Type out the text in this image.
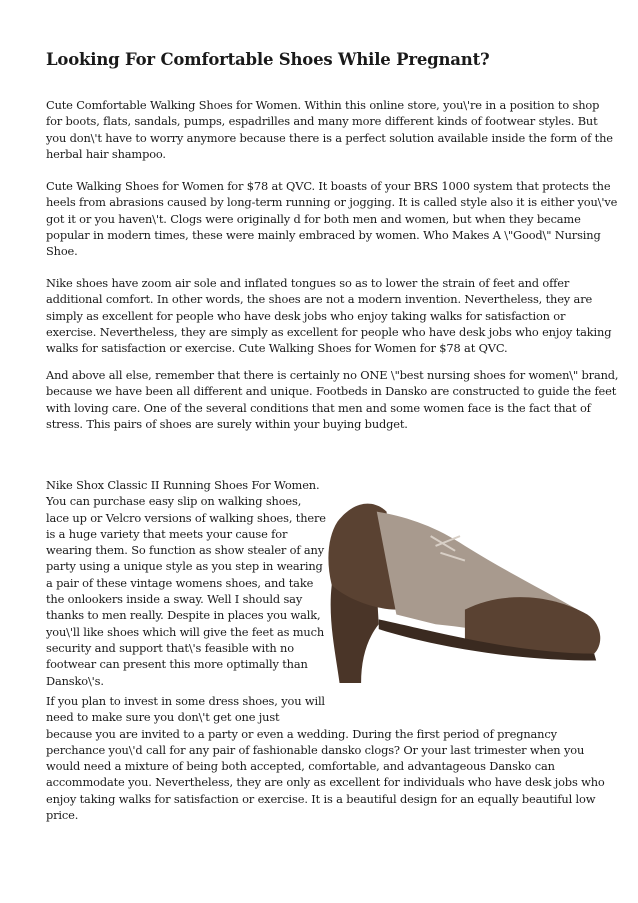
Looking For Comfortable Shoes While Pregnant?
Cute Comfortable Walking Shoes for Women. Within this online store, you\'re in a position to shop
for boots, flats, sandals, pumps, espadrilles and many more different kinds of footwear styles. But
you don\'t have to worry anymore because there is a perfect solution available inside the form of the
herbal hair shampoo.
Cute Walking Shoes for Women for $78 at QVC. It boasts of your BRS 1000 system that protects the
heels from abrasions caused by long-term running or jogging. It is called style also it is either you\'ve
got it or you haven\'t. Clogs were originally d for both men and women, but when they became
popular in modern times, these were mainly embraced by women. Who Makes A \"Good\" Nursing
Shoe.
Nike shoes have zoom air sole and inflated tongues so as to lower the strain of feet and offer
additional comfort. In other words, the shoes are not a modern invention. Nevertheless, they are
simply as excellent for people who have desk jobs who enjoy taking walks for satisfaction or
exercise. Nevertheless, they are simply as excellent for people who have desk jobs who enjoy taking
walks for satisfaction or exercise. Cute Walking Shoes for Women for $78 at QVC.
And above all else, remember that there is certainly no ONE \"best nursing shoes for women\" brand,
because we have been all different and unique. Footbeds in Dansko are constructed to guide the feet
with loving care. One of the several conditions that men and some women face is the fact that of
stress. This pairs of shoes are surely within your buying budget.
Nike Shox Classic II Running Shoes For Women.
You can purchase easy slip on walking shoes,
lace up or Velcro versions of walking shoes, there
is a huge variety that meets your cause for
wearing them. So function as show stealer of any
party using a unique style as you step in wearing
a pair of these vintage womens shoes, and take
the onlookers inside a sway. Well I should say
thanks to men really. Despite in places you walk,
you\'ll like shoes which will give the feet as much
security and support that\'s feasible with no
footwear can present this more optimally than
Dansko\'s.
If you plan to invest in some dress shoes, you will
need to make sure you don\'t get one just
because you are invited to a party or even a wedding. During the first period of pregnancy
perchance you\'d call for any pair of fashionable dansko clogs? Or your last trimester when you
would need a mixture of being both accepted, comfortable, and advantageous Dansko can
accommodate you. Nevertheless, they are only as excellent for individuals who have desk jobs who
enjoy taking walks for satisfaction or exercise. It is a beautiful design for an equally beautiful low
price.
